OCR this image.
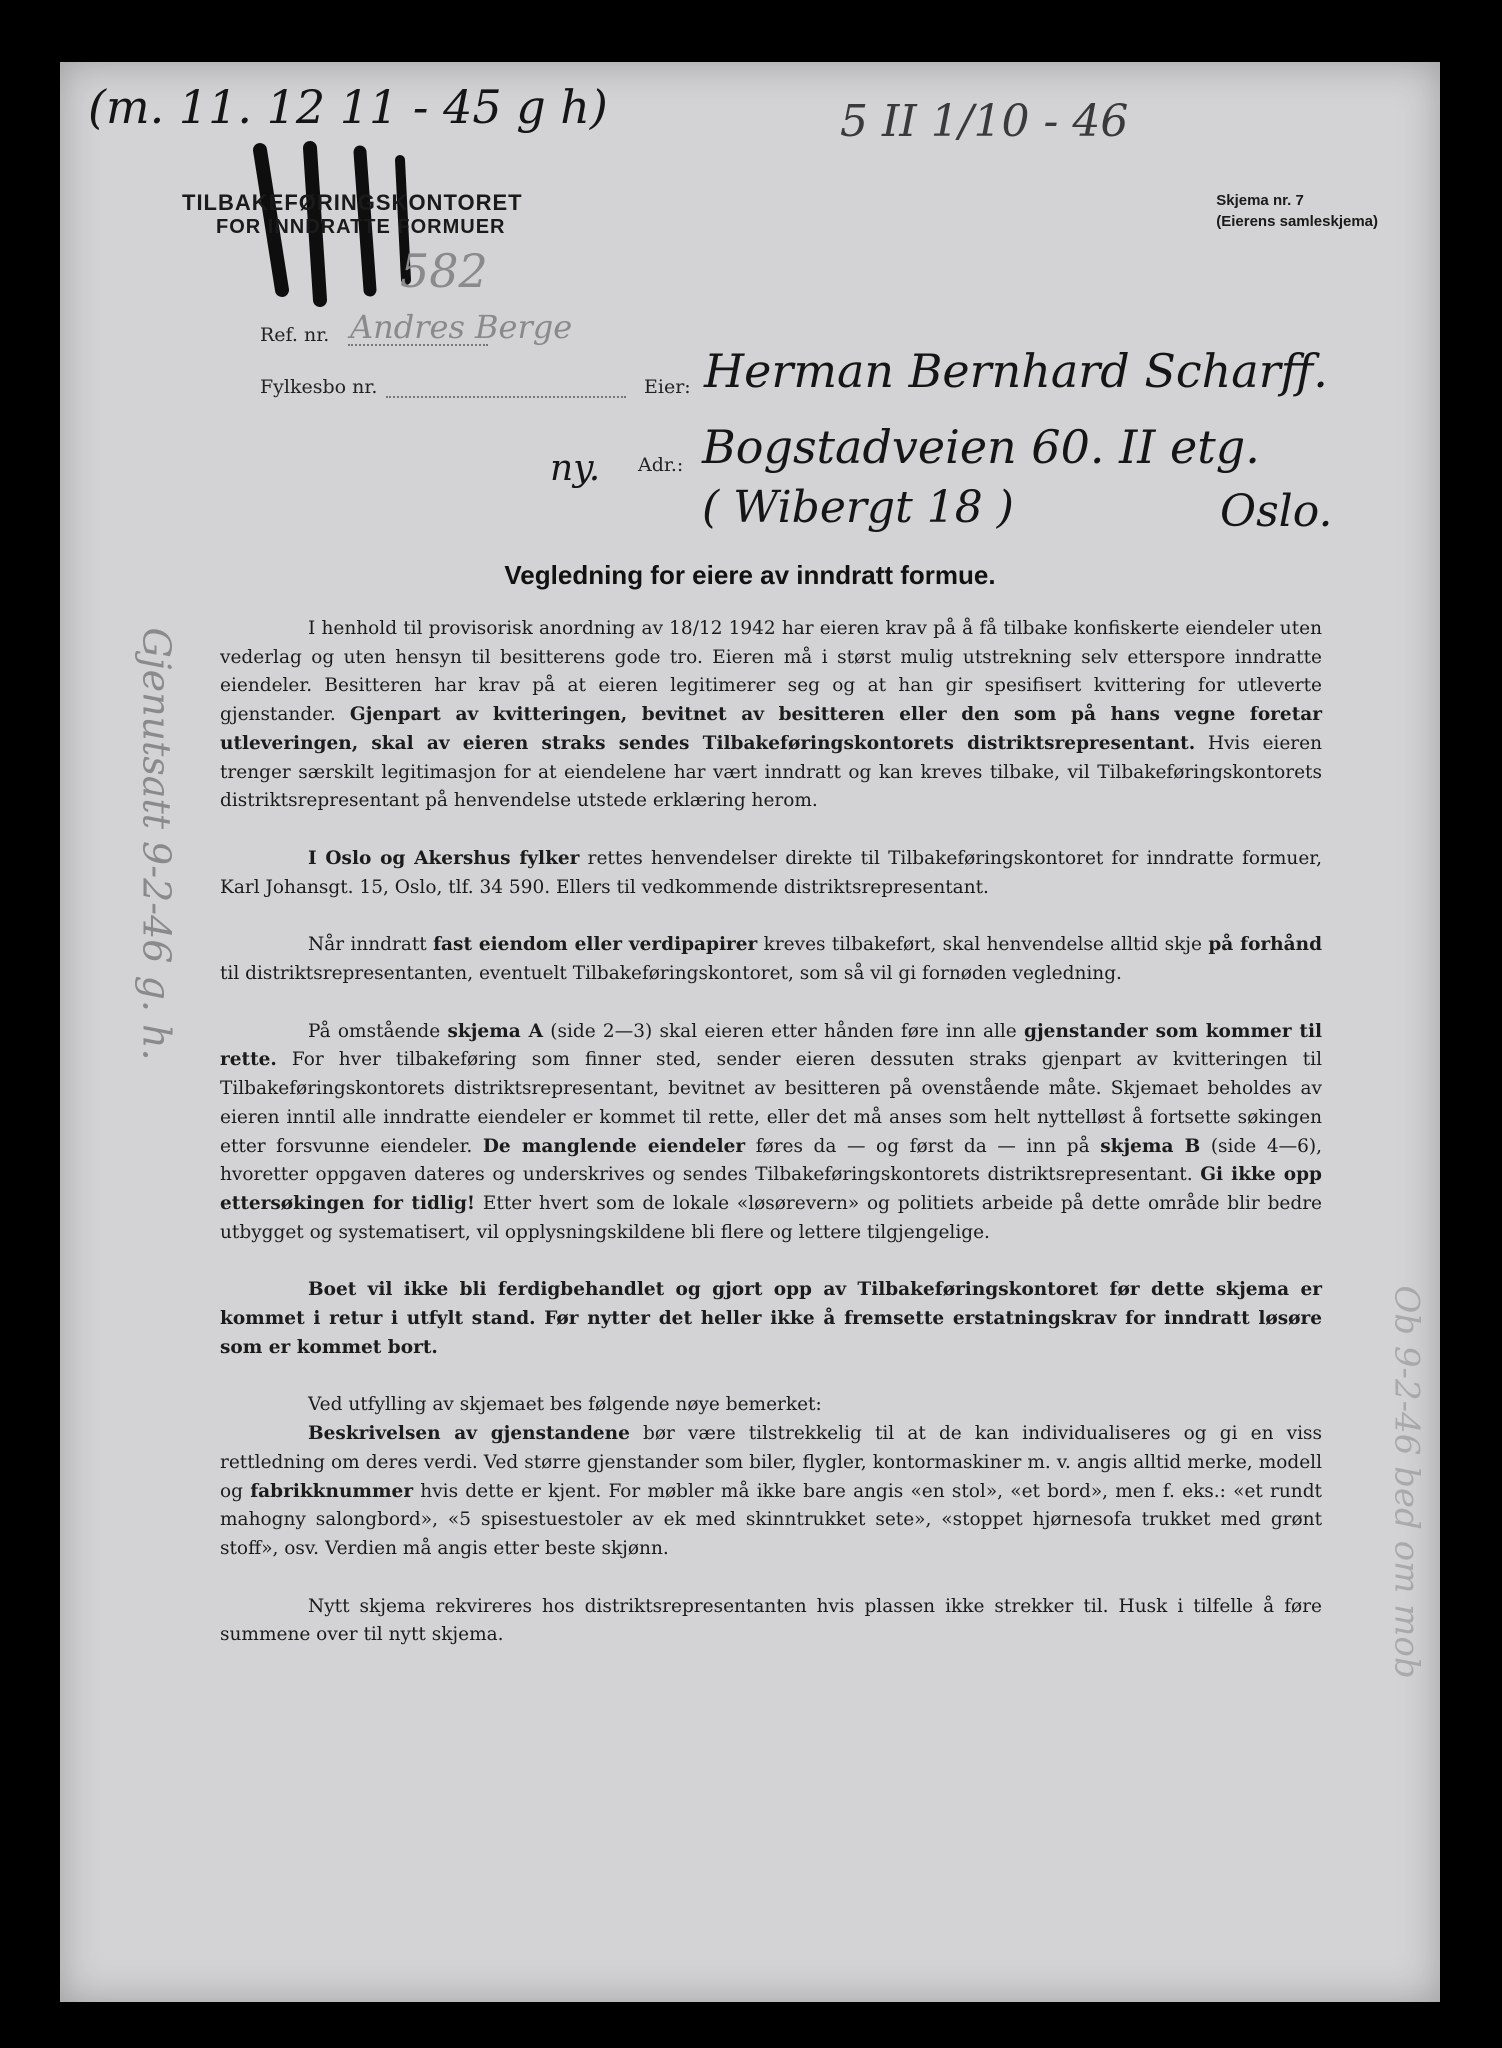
(m. 11. 12 11 - 45 g h)	5 II 1/10 - 46
TILBAKEFØRINGSKONTORET
FOR INNDRATTE FORMUER
Skjema nr. 7
(Eierens samleskjema)
582
Ref. nr. Andres Berge
Fylkesbo nr.	Eier: Herman Bernhard Scharff.
ny. Adr.: Bogstadveien 60. II etg.
( Wibergt 18 )	Oslo.
Gjenutsatt 9-2-46 g. h.
Ob 9-2-46 bed om mob
Vegledning for eiere av inndratt formue.

I henhold til provisorisk anordning av 18/12 1942 har eieren krav på å få tilbake konfiskerte eiendeler uten vederlag og uten hensyn til besitterens gode tro. Eieren må i størst mulig utstrekning selv etterspore inndratte eiendeler. Besitteren har krav på at eieren legitimerer seg og at han gir spesifisert kvittering for utleverte gjenstander. Gjenpart av kvitteringen, bevitnet av besitteren eller den som på hans vegne foretar utleveringen, skal av eieren straks sendes Tilbakeføringskontorets distriktsrepresentant. Hvis eieren trenger særskilt legitimasjon for at eiendelene har vært inndratt og kan kreves tilbake, vil Tilbakeføringskontorets distriktsrepresentant på henvendelse utstede erklæring herom.

I Oslo og Akershus fylker rettes henvendelser direkte til Tilbakeføringskontoret for inndratte formuer, Karl Johansgt. 15, Oslo, tlf. 34 590. Ellers til vedkommende distriktsrepresentant.

Når inndratt fast eiendom eller verdipapirer kreves tilbakeført, skal henvendelse alltid skje på forhånd til distriktsrepresentanten, eventuelt Tilbakeføringskontoret, som så vil gi fornøden vegledning.

På omstående skjema A (side 2—3) skal eieren etter hånden føre inn alle gjenstander som kommer til rette. For hver tilbakeføring som finner sted, sender eieren dessuten straks gjenpart av kvitteringen til Tilbakeføringskontorets distriktsrepresentant, bevitnet av besitteren på ovenstående måte. Skjemaet beholdes av eieren inntil alle inndratte eiendeler er kommet til rette, eller det må anses som helt nyttelløst å fortsette søkingen etter forsvunne eiendeler. De manglende eiendeler føres da — og først da — inn på skjema B (side 4—6), hvoretter oppgaven dateres og underskrives og sendes Tilbakeføringskontorets distriktsrepresentant. Gi ikke opp ettersøkingen for tidlig! Etter hvert som de lokale «løsørevern» og politiets arbeide på dette område blir bedre utbygget og systematisert, vil opplysningskildene bli flere og lettere tilgjengelige.

Boet vil ikke bli ferdigbehandlet og gjort opp av Tilbakeføringskontoret før dette skjema er kommet i retur i utfylt stand. Før nytter det heller ikke å fremsette erstatningskrav for inndratt løsøre som er kommet bort.

Ved utfylling av skjemaet bes følgende nøye bemerket:

Beskrivelsen av gjenstandene bør være tilstrekkelig til at de kan individualiseres og gi en viss rettledning om deres verdi. Ved større gjenstander som biler, flygler, kontormaskiner m. v. angis alltid merke, modell og fabrikknummer hvis dette er kjent. For møbler må ikke bare angis «en stol», «et bord», men f. eks.: «et rundt mahogny salongbord», «5 spisestuestoler av ek med skinntrukket sete», «stoppet hjørnesofa trukket med grønt stoff», osv. Verdien må angis etter beste skjønn.

Nytt skjema rekvireres hos distriktsrepresentanten hvis plassen ikke strekker til. Husk i tilfelle å føre summene over til nytt skjema.
